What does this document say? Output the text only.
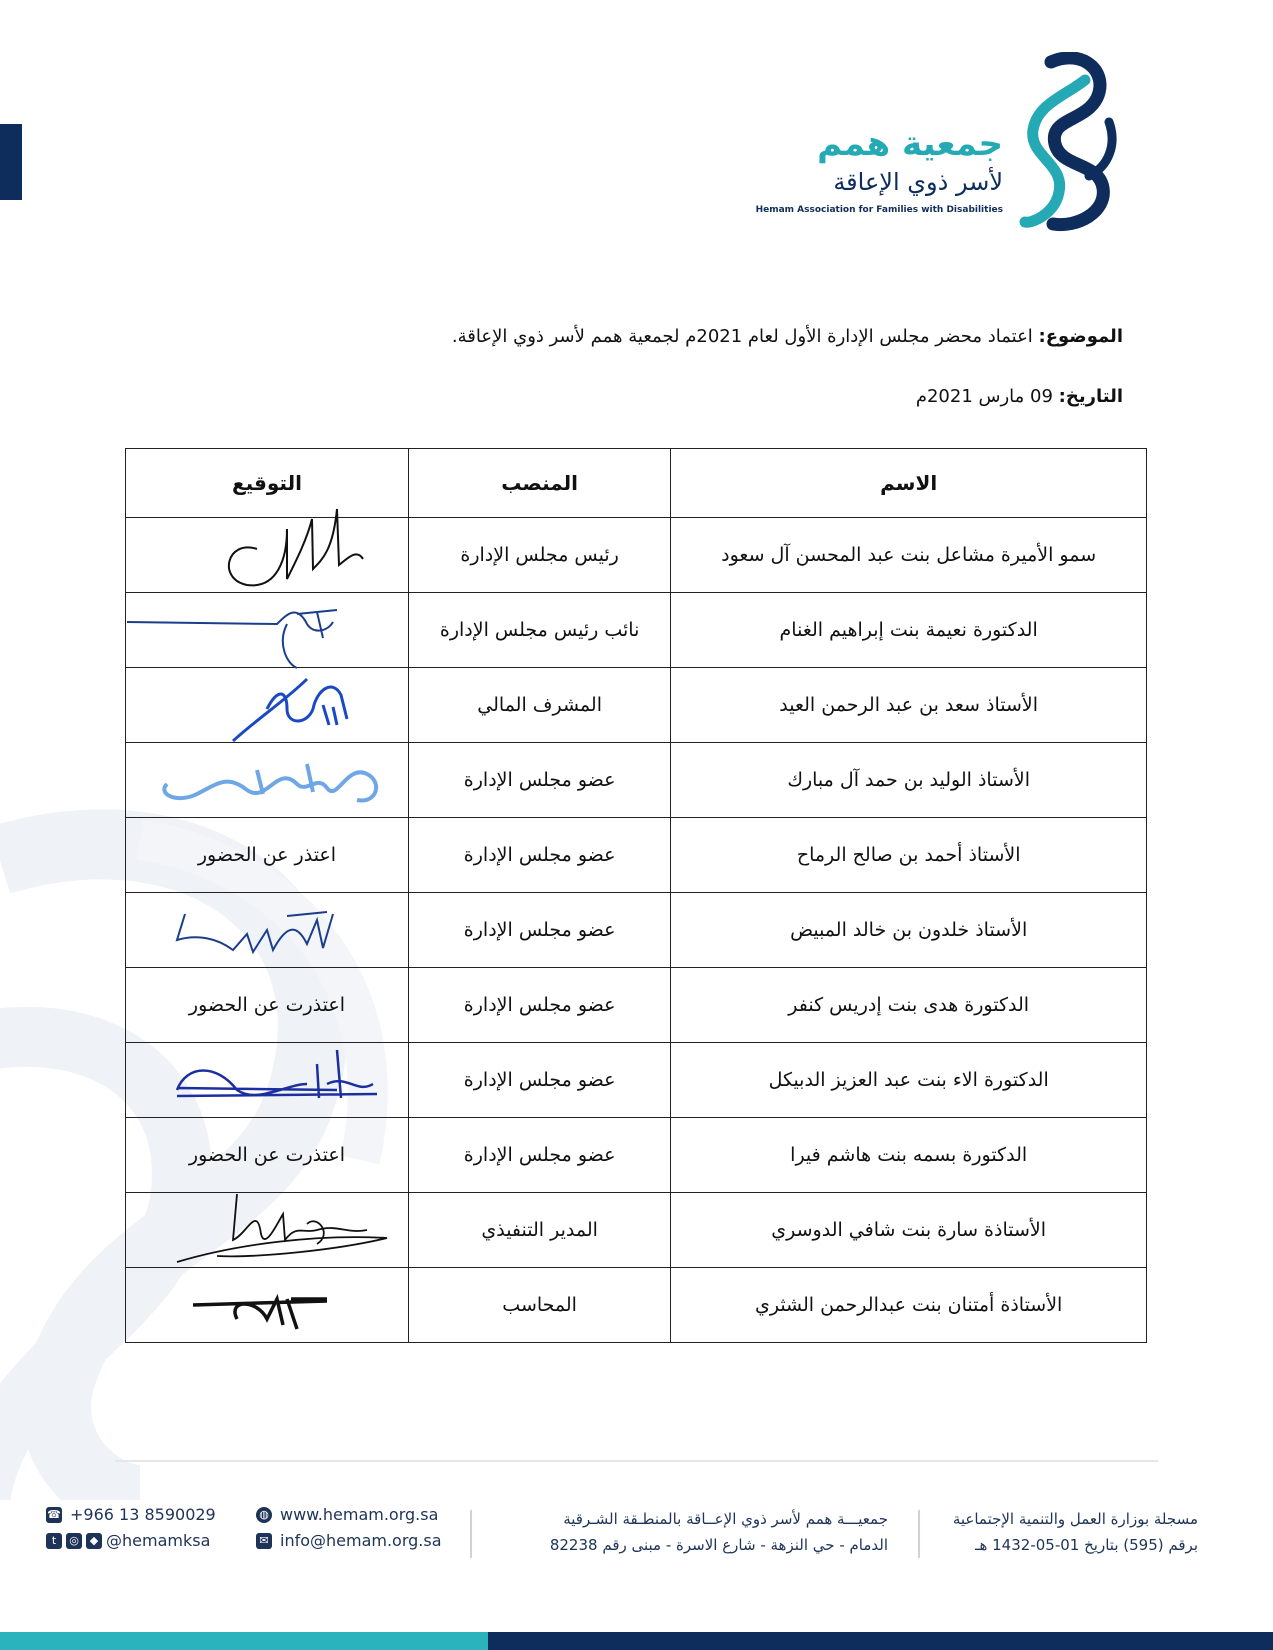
جمعية همم
لأسر ذوي الإعاقة
Hemam Association for Families with Disabilities
الموضوع: اعتماد محضر مجلس الإدارة الأول لعام 2021م لجمعية همم لأسر ذوي الإعاقة.
التاريخ: 09 مارس 2021م
الاسم	المنصب	التوقيع
سمو الأميرة مشاعل بنت عبد المحسن آل سعود	رئيس مجلس الإدارة	

الدكتورة نعيمة بنت إبراهيم الغنام	نائب رئيس مجلس الإدارة	

الأستاذ سعد بن عبد الرحمن العيد	المشرف المالي	

الأستاذ الوليد بن حمد آل مبارك	عضو مجلس الإدارة	

الأستاذ أحمد بن صالح الرماح	عضو مجلس الإدارة	اعتذر عن الحضور
الأستاذ خلدون بن خالد المبيض	عضو مجلس الإدارة	

الدكتورة هدى بنت إدريس كنفر	عضو مجلس الإدارة	اعتذرت عن الحضور
الدكتورة الاء بنت عبد العزيز الدبيكل	عضو مجلس الإدارة	

الدكتورة بسمه بنت هاشم فيرا	عضو مجلس الإدارة	اعتذرت عن الحضور
الأستاذة سارة بنت شافي الدوسري	المدير التنفيذي	

الأستاذة أمتنان بنت عبدالرحمن الشثري	المحاسب	
مسجلة بوزارة العمل والتنمية الإجتماعية
برقم (595) بتاريخ 01-05-1432 هـ
جمعيـــة همم لأسر ذوي الإعــاقة بالمنطـقة الشـرقية
الدمام - حي النزهة - شارع الاسرة - مبنى رقم 82238
◍ www.hemam.org.sa
✉ info@hemam.org.sa
☎ +966 13 8590029
t	◎ ◆ @hemamksa
